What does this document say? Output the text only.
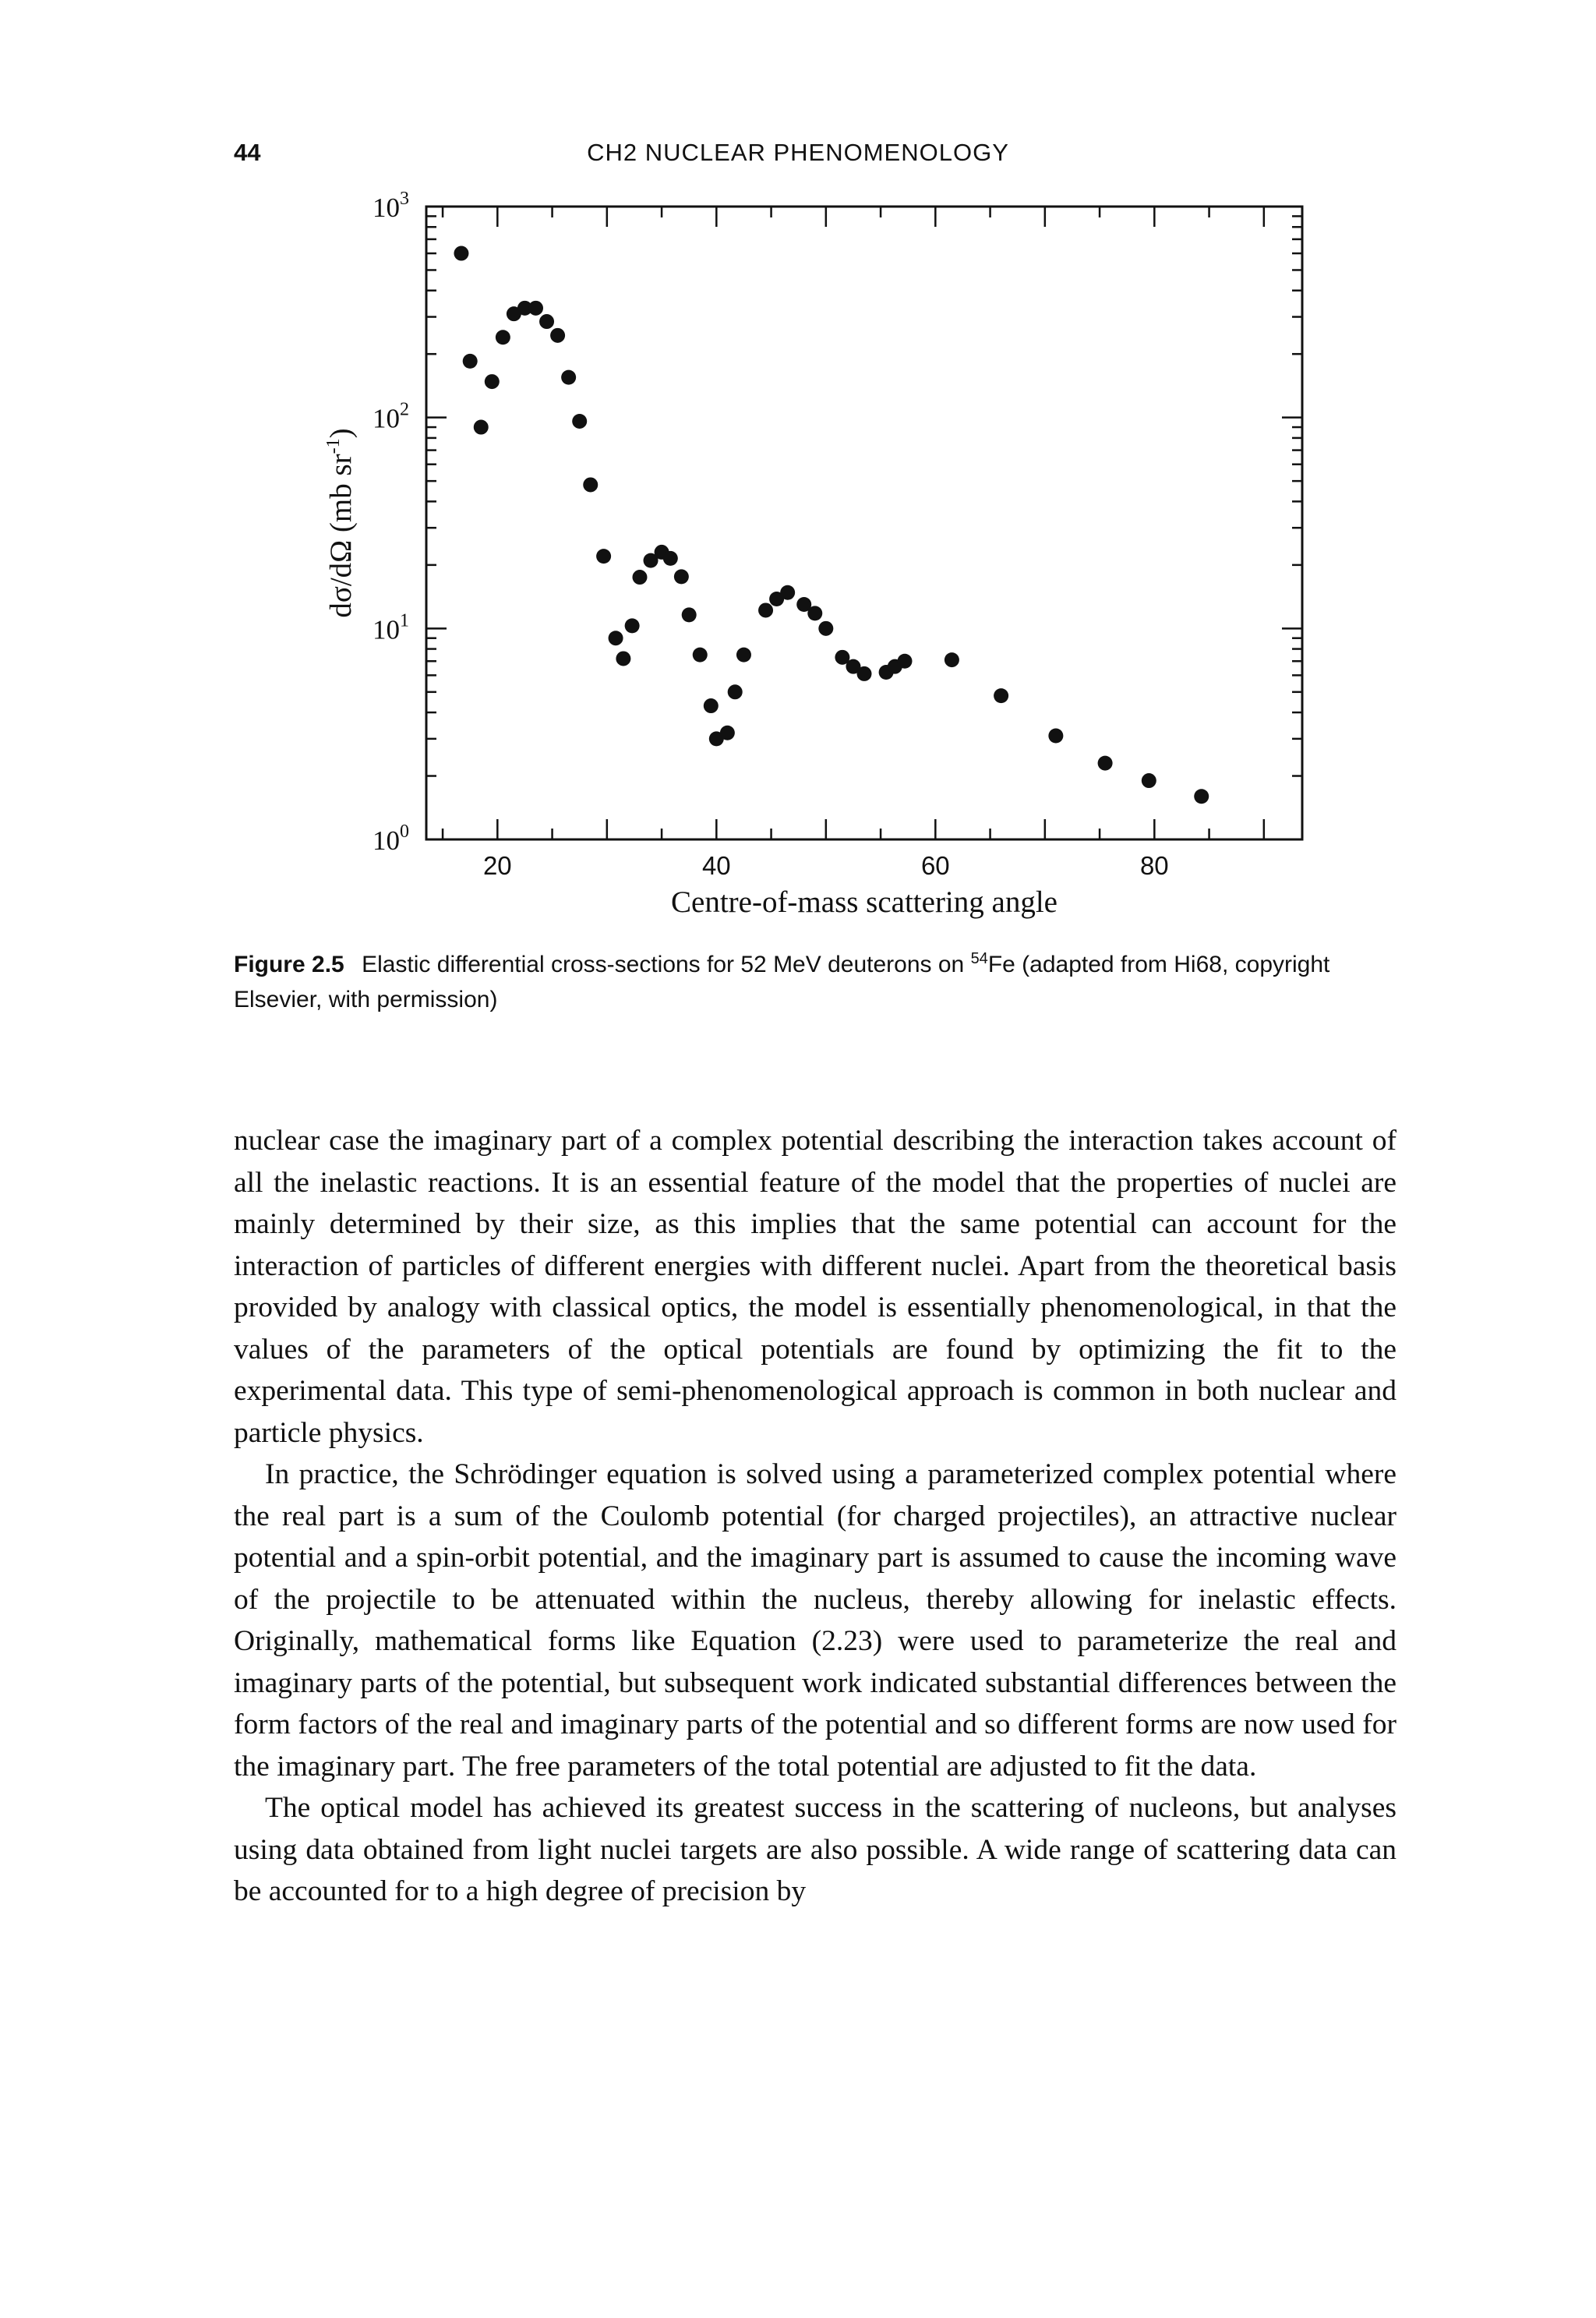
44	CH2 NUCLEAR PHENOMENOLOGY
20	40	60	80
$10^3$
$10^2$
$10^1$
$10^0$
Centre-of-mass scattering angle
dσ/dΩ (mb $sr^{-1}$)
Figure 2.5 Elastic differential cross-sections for 52 MeV deuterons on $^{54}$Fe (adapted from Hi68, copyright Elsevier, with permission)

nuclear case the imaginary part of a complex potential describing the interaction takes account of all the inelastic reactions. It is an essential feature of the model that the properties of nuclei are mainly determined by their size, as this implies that the same potential can account for the interaction of particles of different energies with different nuclei. Apart from the theoretical basis provided by analogy with classical optics, the model is essentially phenomenological, in that the values of the parameters of the optical potentials are found by optimizing the fit to the experimental data. This type of semi-phenomenological approach is common in both nuclear and particle physics.

In practice, the Schrödinger equation is solved using a parameterized complex potential where the real part is a sum of the Coulomb potential (for charged projectiles), an attractive nuclear potential and a spin-orbit potential, and the imaginary part is assumed to cause the incoming wave of the projectile to be attenuated within the nucleus, thereby allowing for inelastic effects. Originally, mathematical forms like Equation (2.23) were used to parameterize the real and imaginary parts of the potential, but subsequent work indicated substantial differences between the form factors of the real and imaginary parts of the potential and so different forms are now used for the imaginary part. The free parameters of the total potential are adjusted to fit the data.

The optical model has achieved its greatest success in the scattering of nucleons, but analyses using data obtained from light nuclei targets are also possible. A wide range of scattering data can be accounted for to a high degree of precision by
